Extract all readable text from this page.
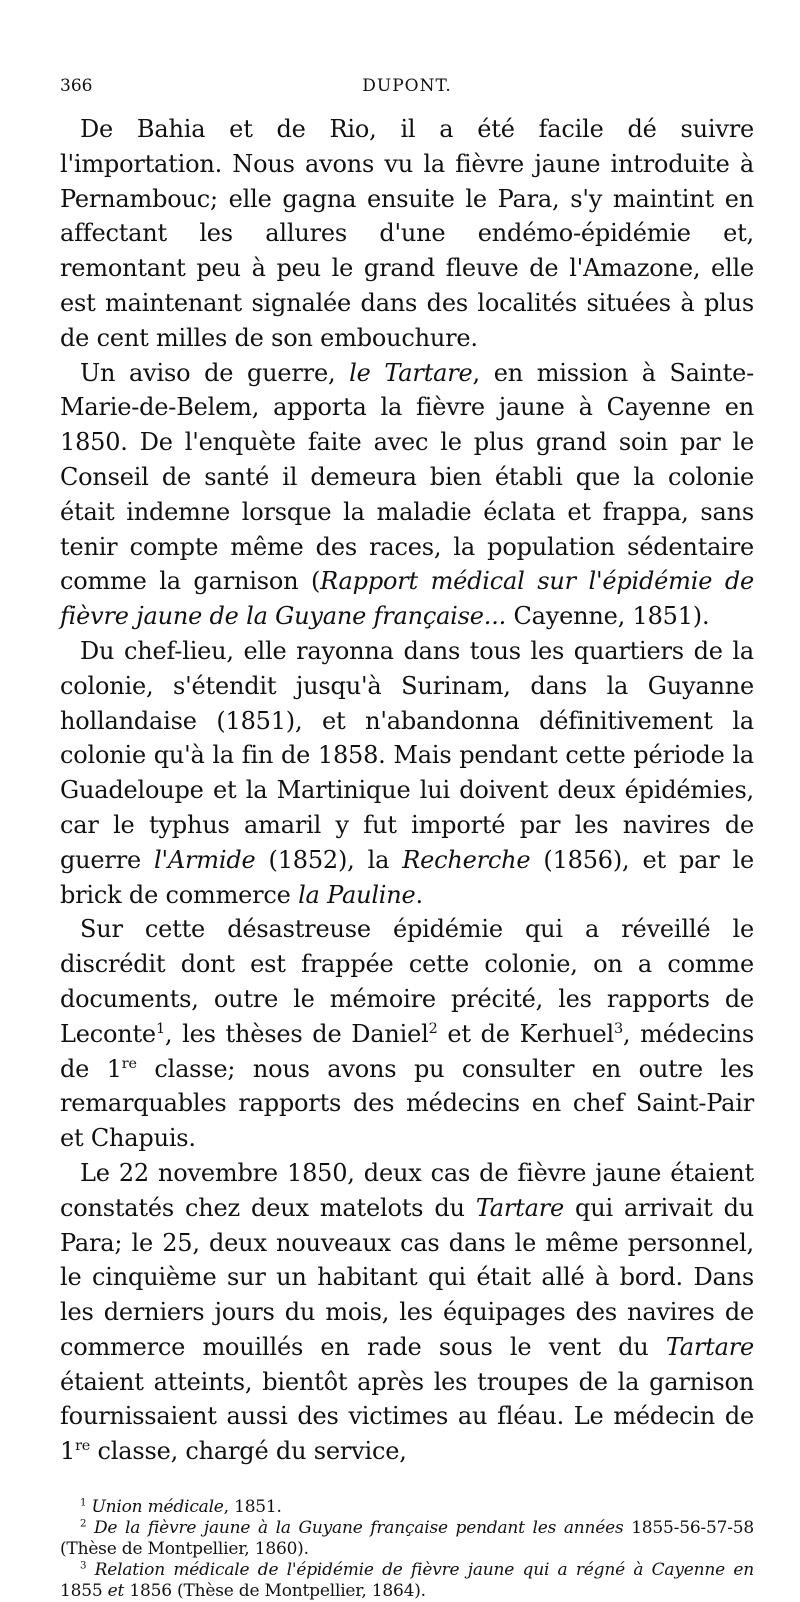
366	DUPONT.

De Bahia et de Rio, il a été facile dé suivre l'importation. Nous avons vu la fièvre jaune introduite à Pernambouc; elle gagna ensuite le Para, s'y maintint en affectant les allures d'une endémo-épidémie et, remontant peu à peu le grand fleuve de l'Amazone, elle est maintenant signalée dans des localités situées à plus de cent milles de son embouchure.

Un aviso de guerre, le Tartare, en mission à Sainte-Marie-de-Belem, apporta la fièvre jaune à Cayenne en 1850. De l'enquète faite avec le plus grand soin par le Conseil de santé il demeura bien établi que la colonie était indemne lorsque la maladie éclata et frappa, sans tenir compte même des races, la population sédentaire comme la garnison (Rapport médical sur l'épidémie de fièvre jaune de la Guyane française... Cayenne, 1851).

Du chef-lieu, elle rayonna dans tous les quartiers de la colonie, s'étendit jusqu'à Surinam, dans la Guyanne hollandaise (1851), et n'abandonna définitivement la colonie qu'à la fin de 1858. Mais pendant cette période la Guadeloupe et la Martinique lui doivent deux épidémies, car le typhus amaril y fut importé par les navires de guerre l'Armide (1852), la Recherche (1856), et par le brick de commerce la Pauline.

Sur cette désastreuse épidémie qui a réveillé le discrédit dont est frappée cette colonie, on a comme documents, outre le mémoire précité, les rapports de Leconte$^1$, les thèses de Daniel$^2$ et de Kerhuel$^3$, médecins de 1re classe; nous avons pu consulter en outre les remarquables rapports des médecins en chef Saint-Pair et Chapuis.

Le 22 novembre 1850, deux cas de fièvre jaune étaient constatés chez deux matelots du Tartare qui arrivait du Para; le 25, deux nouveaux cas dans le même personnel, le cinquième sur un habitant qui était allé à bord. Dans les derniers jours du mois, les équipages des navires de commerce mouillés en rade sous le vent du Tartare étaient atteints, bientôt après les troupes de la garnison fournissaient aussi des victimes au fléau. Le médecin de 1re classe, chargé du service,

$^1$ Union médicale, 1851.

$^2$ De la fièvre jaune à la Guyane française pendant les années 1855-56-57-58 (Thèse de Montpellier, 1860).

$^3$ Relation médicale de l'épidémie de fièvre jaune qui a régné à Cayenne en 1855 et 1856 (Thèse de Montpellier, 1864).
